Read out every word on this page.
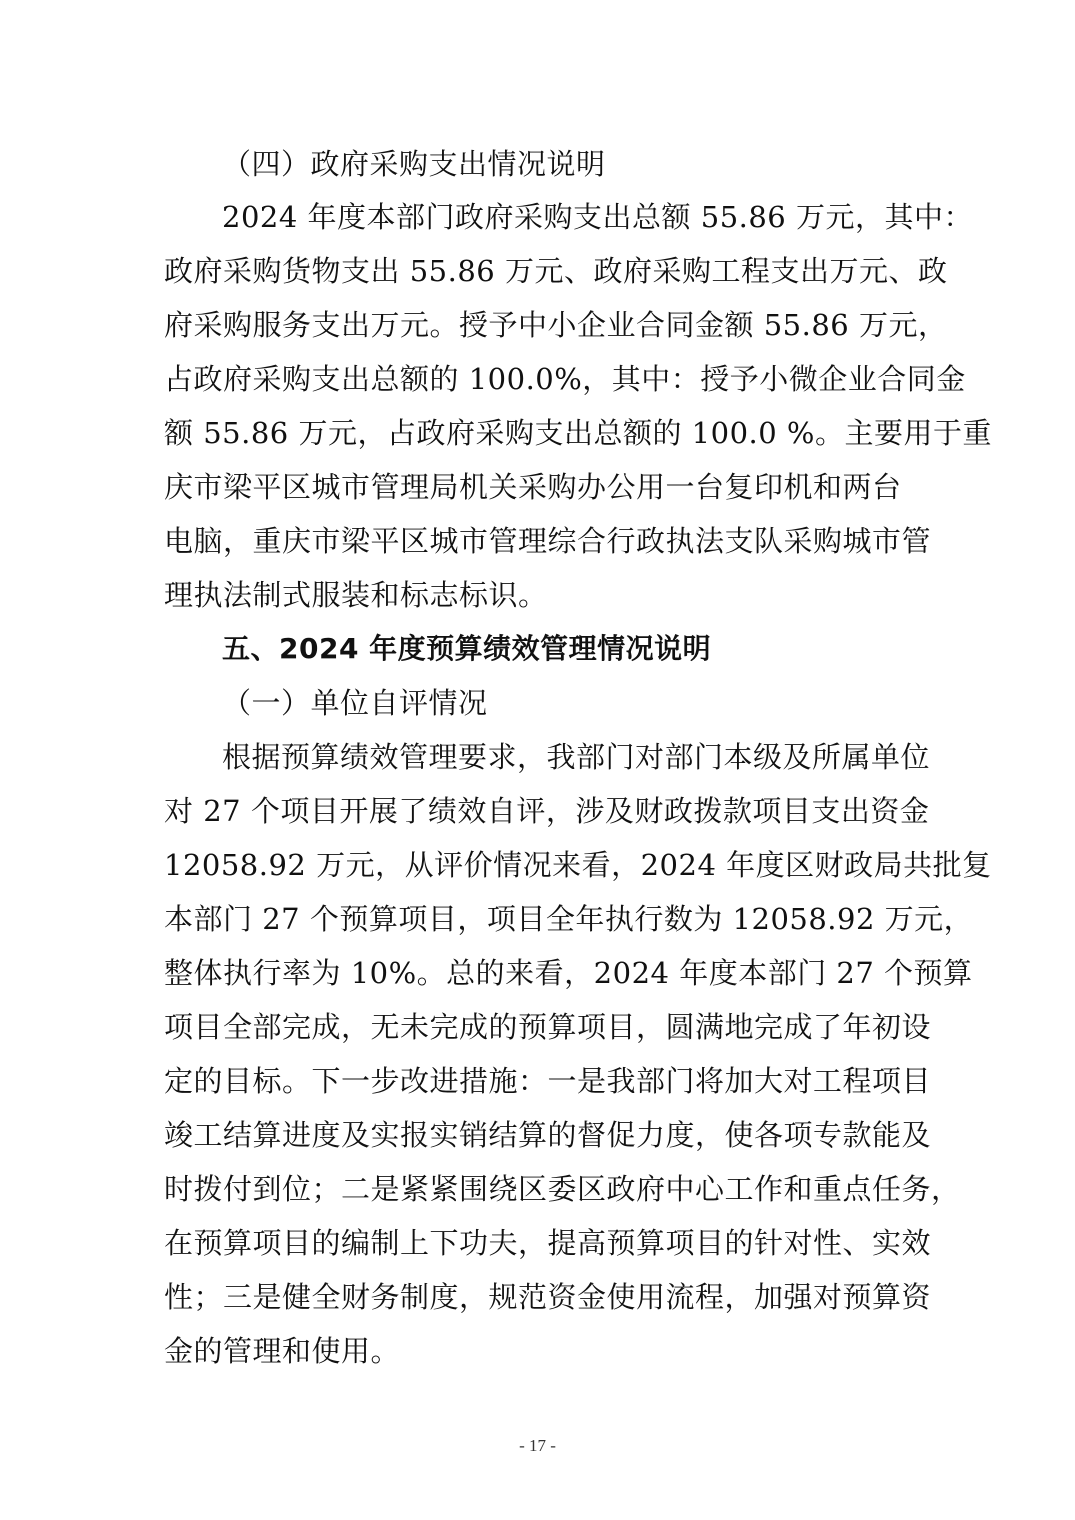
（四）政府采购支出情况说明
2024 年度本部门政府采购支出总额 55.86 万元，其中：
政府采购货物支出 55.86 万元、政府采购工程支出万元、政
府采购服务支出万元。授予中小企业合同金额 55.86 万元，
占政府采购支出总额的 100.0%，其中：授予小微企业合同金
额 55.86 万元，占政府采购支出总额的 100.0 %。主要用于重
庆市梁平区城市管理局机关采购办公用一台复印机和两台
电脑，重庆市梁平区城市管理综合行政执法支队采购城市管
理执法制式服装和标志标识。
五、2024 年度预算绩效管理情况说明
（一）单位自评情况
根据预算绩效管理要求，我部门对部门本级及所属单位
对 27 个项目开展了绩效自评，涉及财政拨款项目支出资金
12058.92 万元，从评价情况来看，2024 年度区财政局共批复
本部门 27 个预算项目，项目全年执行数为 12058.92 万元，
整体执行率为 10%。总的来看，2024 年度本部门 27 个预算
项目全部完成，无未完成的预算项目，圆满地完成了年初设
定的目标。下一步改进措施：一是我部门将加大对工程项目
竣工结算进度及实报实销结算的督促力度，使各项专款能及
时拨付到位；二是紧紧围绕区委区政府中心工作和重点任务，
在预算项目的编制上下功夫，提高预算项目的针对性、实效
性；三是健全财务制度，规范资金使用流程，加强对预算资
金的管理和使用。
- 17 -
